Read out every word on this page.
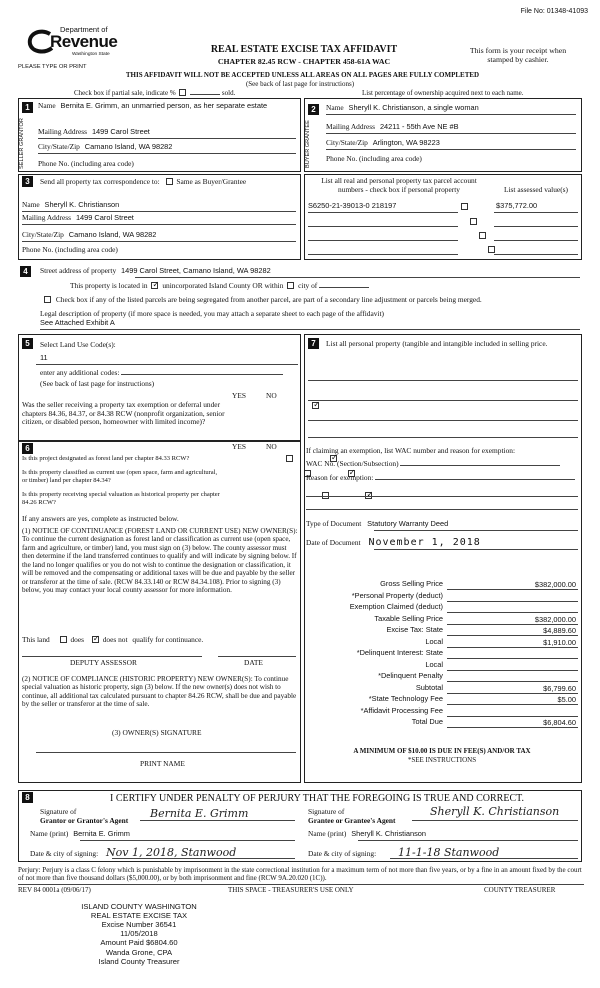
File No: 01348-41093
Department of
Revenue
Washington State
PLEASE TYPE OR PRINT
REAL ESTATE EXCISE TAX AFFIDAVIT
CHAPTER 82.45 RCW - CHAPTER 458-61A WAC
This form is your receipt when stamped by cashier.
THIS AFFIDAVIT WILL NOT BE ACCEPTED UNLESS ALL AREAS ON ALL PAGES ARE FULLY COMPLETED
(See back of last page for instructions)
Check box if partial sale, indicate %	sold.	List percentage of ownership acquired next to each name.
1
SELLER GRANTOR
Name Bernita E. Grimm, an unmarried person, as her separate estate
Mailing Address 1499 Carol Street
City/State/Zip Camano Island, WA 98282
Phone No. (including area code)
2
BUYER GRANTEE
Name Sheryll K. Christianson, a single woman
Mailing Address 24211 - 55th Ave NE #B
City/State/Zip Arlington, WA 98223
Phone No. (including area code)
3	Send all property tax correspondence to: Same as Buyer/Grantee
Name Sheryll K. Christianson
Mailing Address 1499 Carol Street
City/State/Zip Camano Island, WA 98282
Phone No. (including area code)
List all real and personal property tax parcel account numbers - check box if personal property	List assessed value(s)
S6250-21-39013-0 218197
	$375,772.00

4	Street address of property 1499 Carol Street, Camano Island, WA 98282
This property is located in ✓ unincorporated Island County OR within city of
Check box if any of the listed parcels are being segregated from another parcel, are part of a secondary line adjustment or parcels being merged.
Legal description of property (if more space is needed, you may attach a separate sheet to each page of the affidavit)
See Attached Exhibit A
5	Select Land Use Code(s):
11
enter any additional codes:
(See back of last page for instructions)
YES	NO
Was the seller receiving a property tax exemption or deferral under chapters 84.36, 84.37, or 84.38 RCW (nonprofit organization, senior citizen, or disabled person, homeowner with limited income)?
✓
6	YES	NO
Is this project designated as forest land per chapter 84.33 RCW?
✓
Is this property classified as current use (open space, farm and agricultural, or timber) land per chapter 84.34?
✓
Is this property receiving special valuation as historical property per chapter 84.26 RCW?
✓
If any answers are yes, complete as instructed below.
(1) NOTICE OF CONTINUANCE (FOREST LAND OR CURRENT USE) NEW OWNER(S): To continue the current designation as forest land or classification as current use (open space, farm and agriculture, or timber) land, you must sign on (3) below. The county assessor must then determine if the land transferred continues to qualify and will indicate by signing below. If the land no longer qualifies or you do not wish to continue the designation or classification, it will be removed and the compensating or additional taxes will be due and payable by the seller or transferor at the time of sale. (RCW 84.33.140 or RCW 84.34.108). Prior to signing (3) below, you may contact your local county assessor for more information.
This land	does ✓	does not qualify for continuance.
DEPUTY ASSESSOR	DATE
(2) NOTICE OF COMPLIANCE (HISTORIC PROPERTY) NEW OWNER(S): To continue special valuation as historic property, sign (3) below. If the new owner(s) does not wish to continue, all additional tax calculated pursuant to chapter 84.26 RCW, shall be due and payable by the seller or transferor at the time of sale.
(3) OWNER(S) SIGNATURE
PRINT NAME
7	List all personal property (tangible and intangible included in selling price.
If claiming an exemption, list WAC number and reason for exemption:
WAC No. (Section/Subsection)
Reason for exemption:
Type of Document Statutory Warranty Deed
Date of Document November 1, 2018
Gross Selling Price	$382,000.00
*Personal Property (deduct)
Exemption Claimed (deduct)
Taxable Selling Price	$382,000.00
Excise Tax: State	$4,889.60
Local	$1,910.00
*Delinquent Interest: State
Local
*Delinquent Penalty
Subtotal	$6,799.60
*State Technology Fee	$5.00
*Affidavit Processing Fee
Total Due	$6,804.60
A MINIMUM OF $10.00 IS DUE IN FEE(S) AND/OR TAX
*SEE INSTRUCTIONS
8	I CERTIFY UNDER PENALTY OF PERJURY THAT THE FOREGOING IS TRUE AND CORRECT.
Signature of
Grantor or Grantor's Agent
Bernita E. Grimm	Signature of
Grantee or Grantee's Agent
Sheryll K. Christianson
Name (print) Bernita E. Grimm	Name (print) Sheryll K. Christianson
Date & city of signing: Nov 1, 2018, Stanwood	Date & city of signing: 11-1-18 Stanwood
Perjury: Perjury is a class C felony which is punishable by imprisonment in the state correctional institution for a maximum term of not more than five years, or by a fine in an amount fixed by the court of not more than five thousand dollars ($5,000.00), or by both imprisonment and fine (RCW 9A.20.020 (1C)).
REV 84 0001a (09/06/17)	THIS SPACE - TREASURER'S USE ONLY	COUNTY TREASURER
ISLAND COUNTY WASHINGTON
REAL ESTATE EXCISE TAX
Excise Number 36541
11/05/2018
Amount Paid $6804.60
Wanda Grone, CPA
Island County Treasurer
